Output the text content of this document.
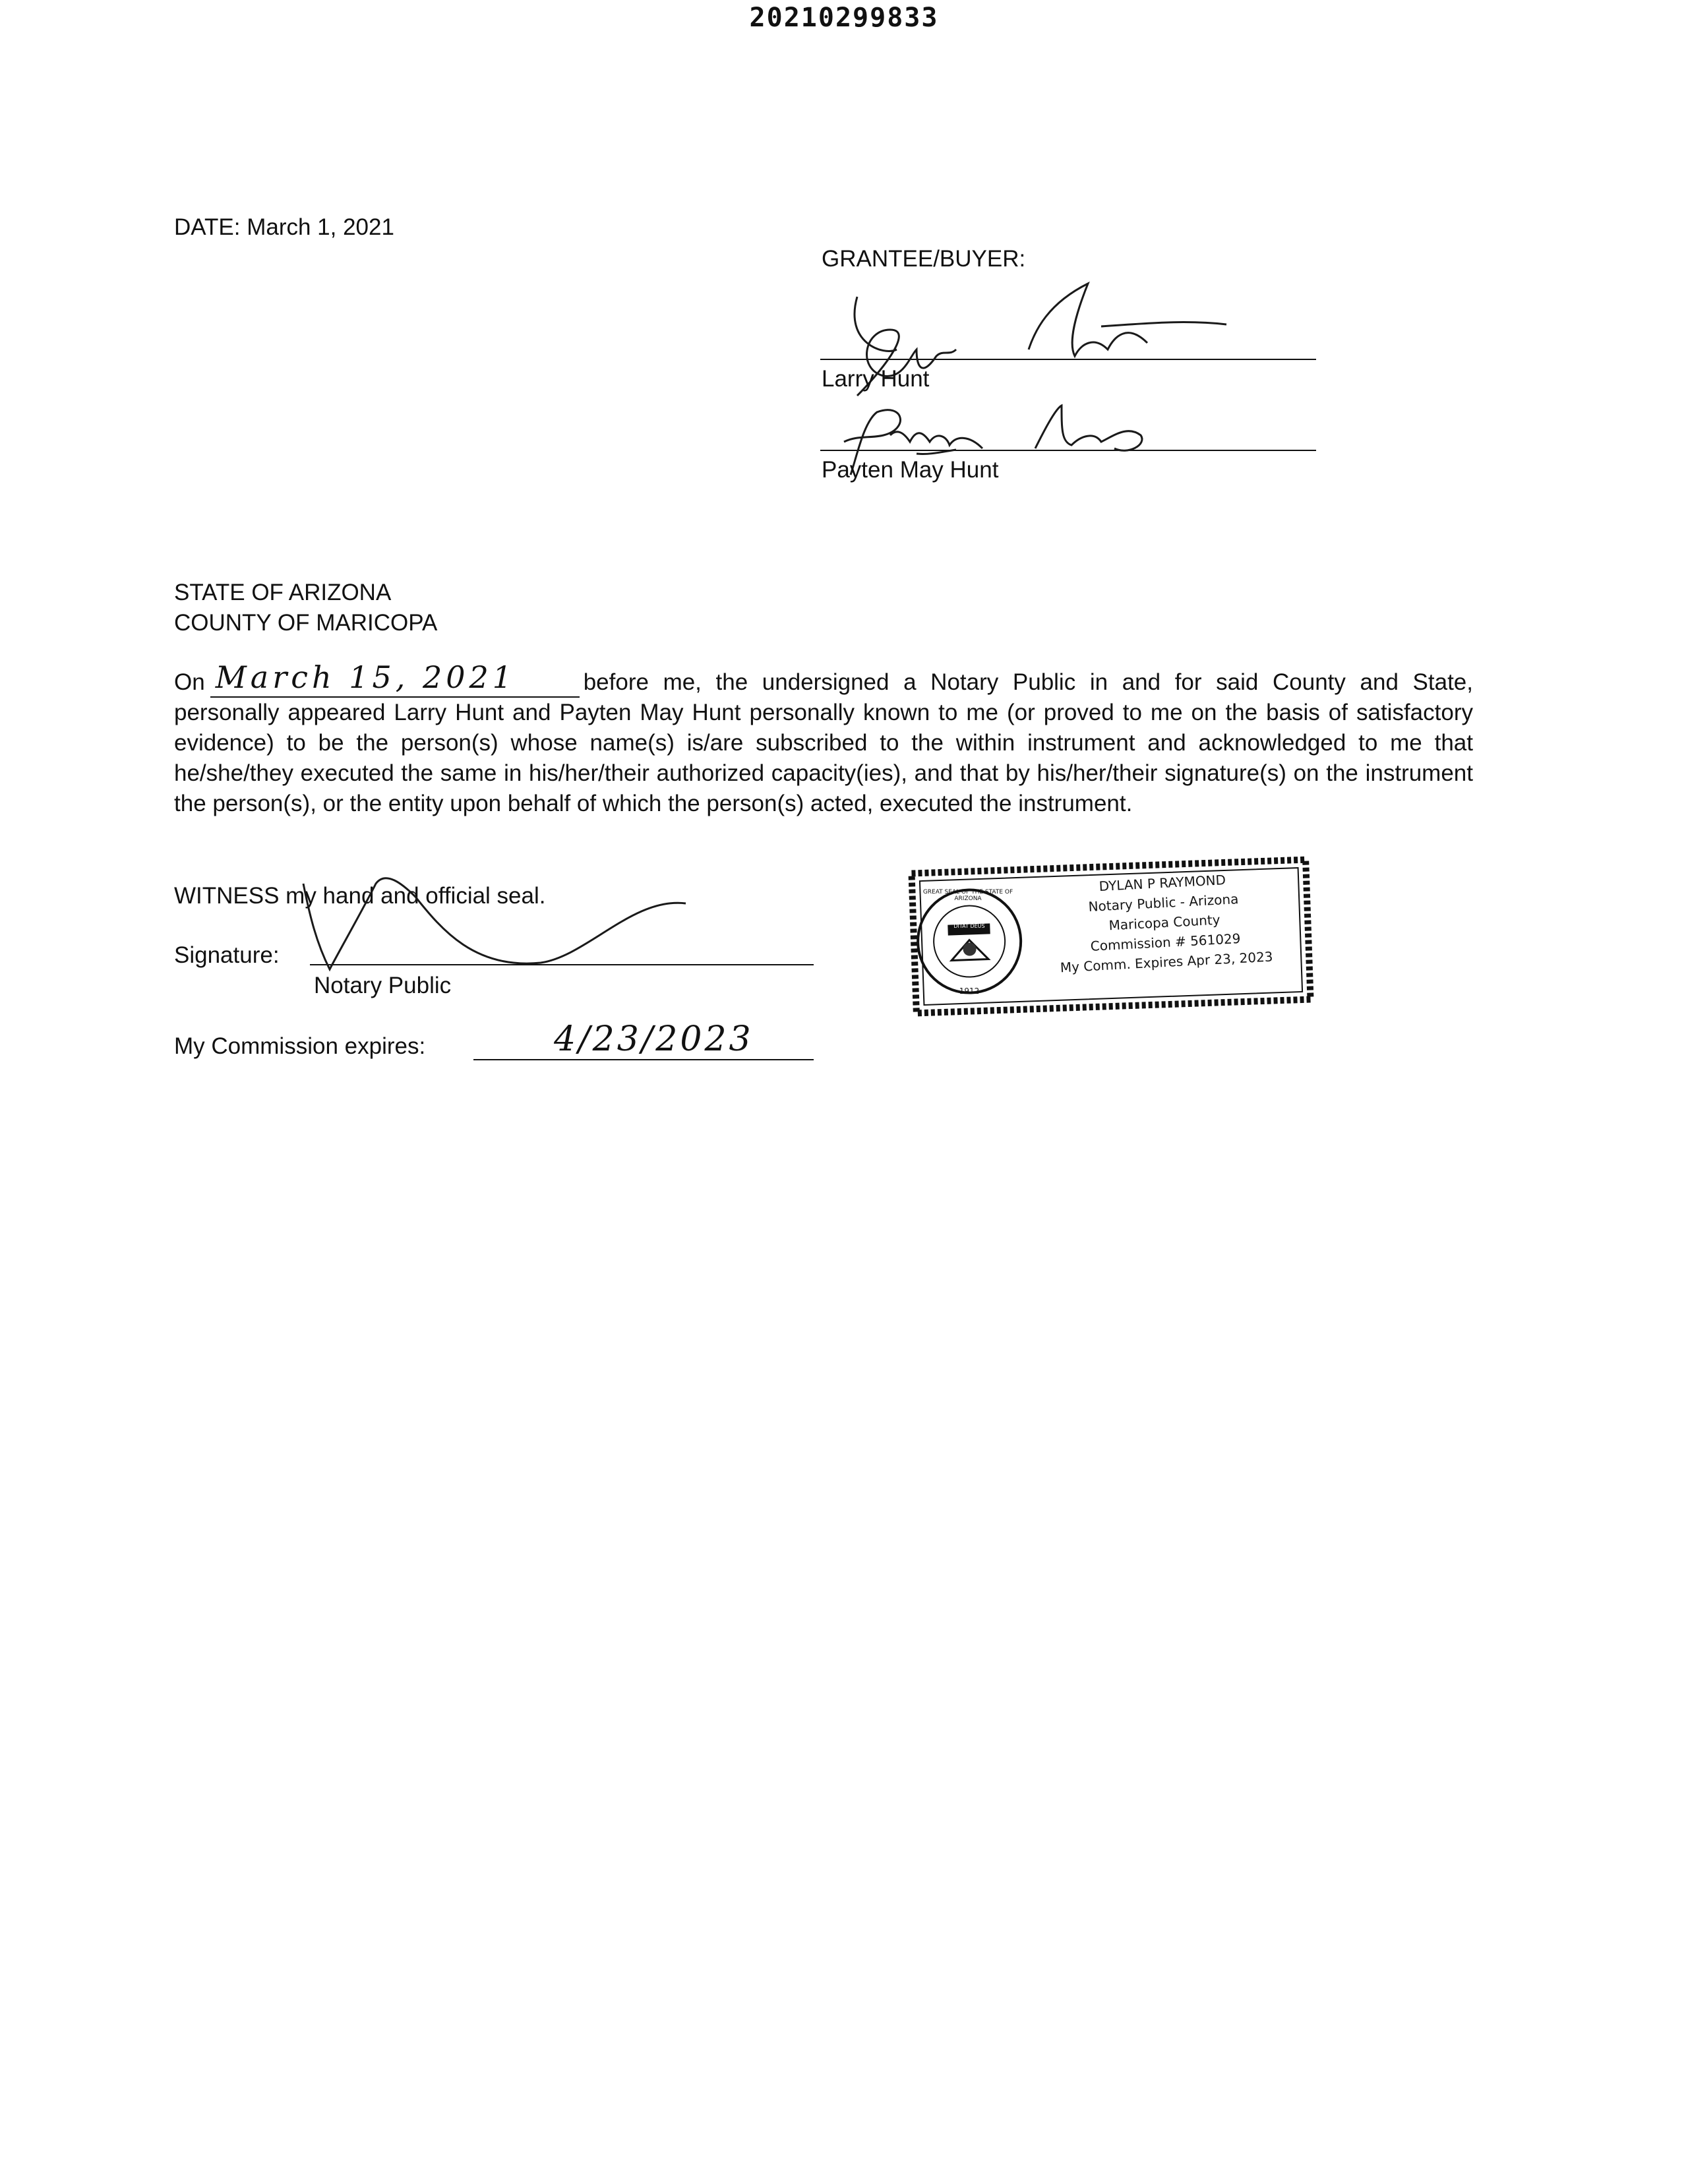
20210299833
DATE: March 1, 2021
GRANTEE/BUYER:
Larry Hunt
Payten May Hunt
STATE OF ARIZONA
COUNTY OF MARICOPA
On March 15, 2021	before me, the undersigned a Notary Public in and for said County and State, personally appeared Larry Hunt and Payten May Hunt personally known to me (or proved to me on the basis of satisfactory evidence) to be the person(s) whose name(s) is/are subscribed to the within instrument and acknowledged to me that he/she/they executed the same in his/her/their authorized capacity(ies), and that by his/her/their signature(s) on the instrument the person(s), or the entity upon behalf of which the person(s) acted, executed the instrument.
WITNESS my hand and official seal.
Signature:
Notary Public
My Commission expires:	4/23/2023
GREAT SEAL OF THE STATE OF ARIZONA
DITAT DEUS
1912
DYLAN P RAYMOND
Notary Public - Arizona
Maricopa County
Commission # 561029
My Comm. Expires Apr 23, 2023
